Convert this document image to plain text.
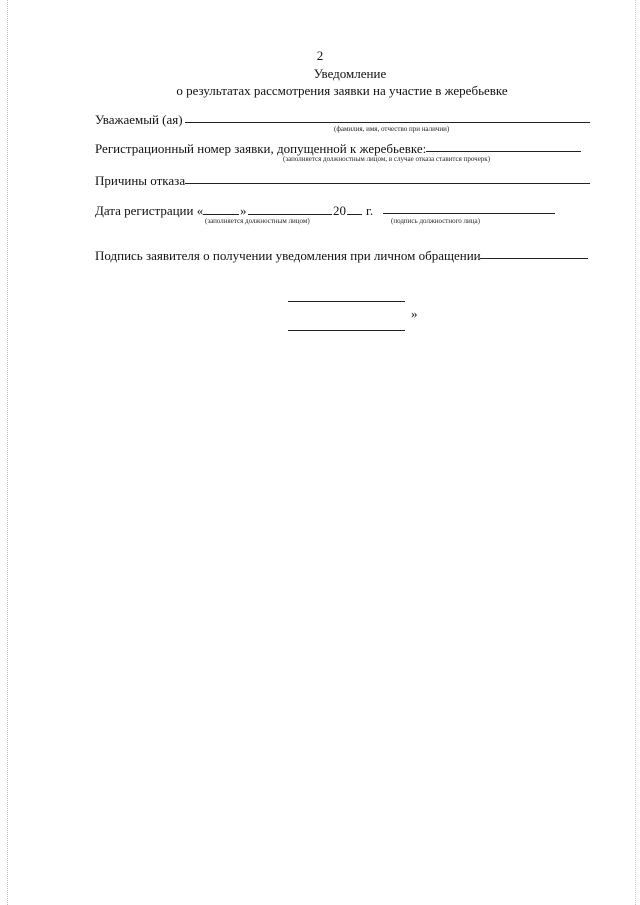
2
Уведомление
о результатах рассмотрения заявки на участие в жеребьевке
Уважаемый (ая)
(фамилия, имя, отчество при наличии)
Регистрационный номер заявки, допущенной к жеребьевке:
(заполняется должностным лицом, в случае отказа ставится прочерк)
Причины отказа
Дата регистрации «	»	20 г.
(заполняется должностным лицом)	(подпись должностного лица)
Подпись заявителя о получении уведомления при личном обращении
»
